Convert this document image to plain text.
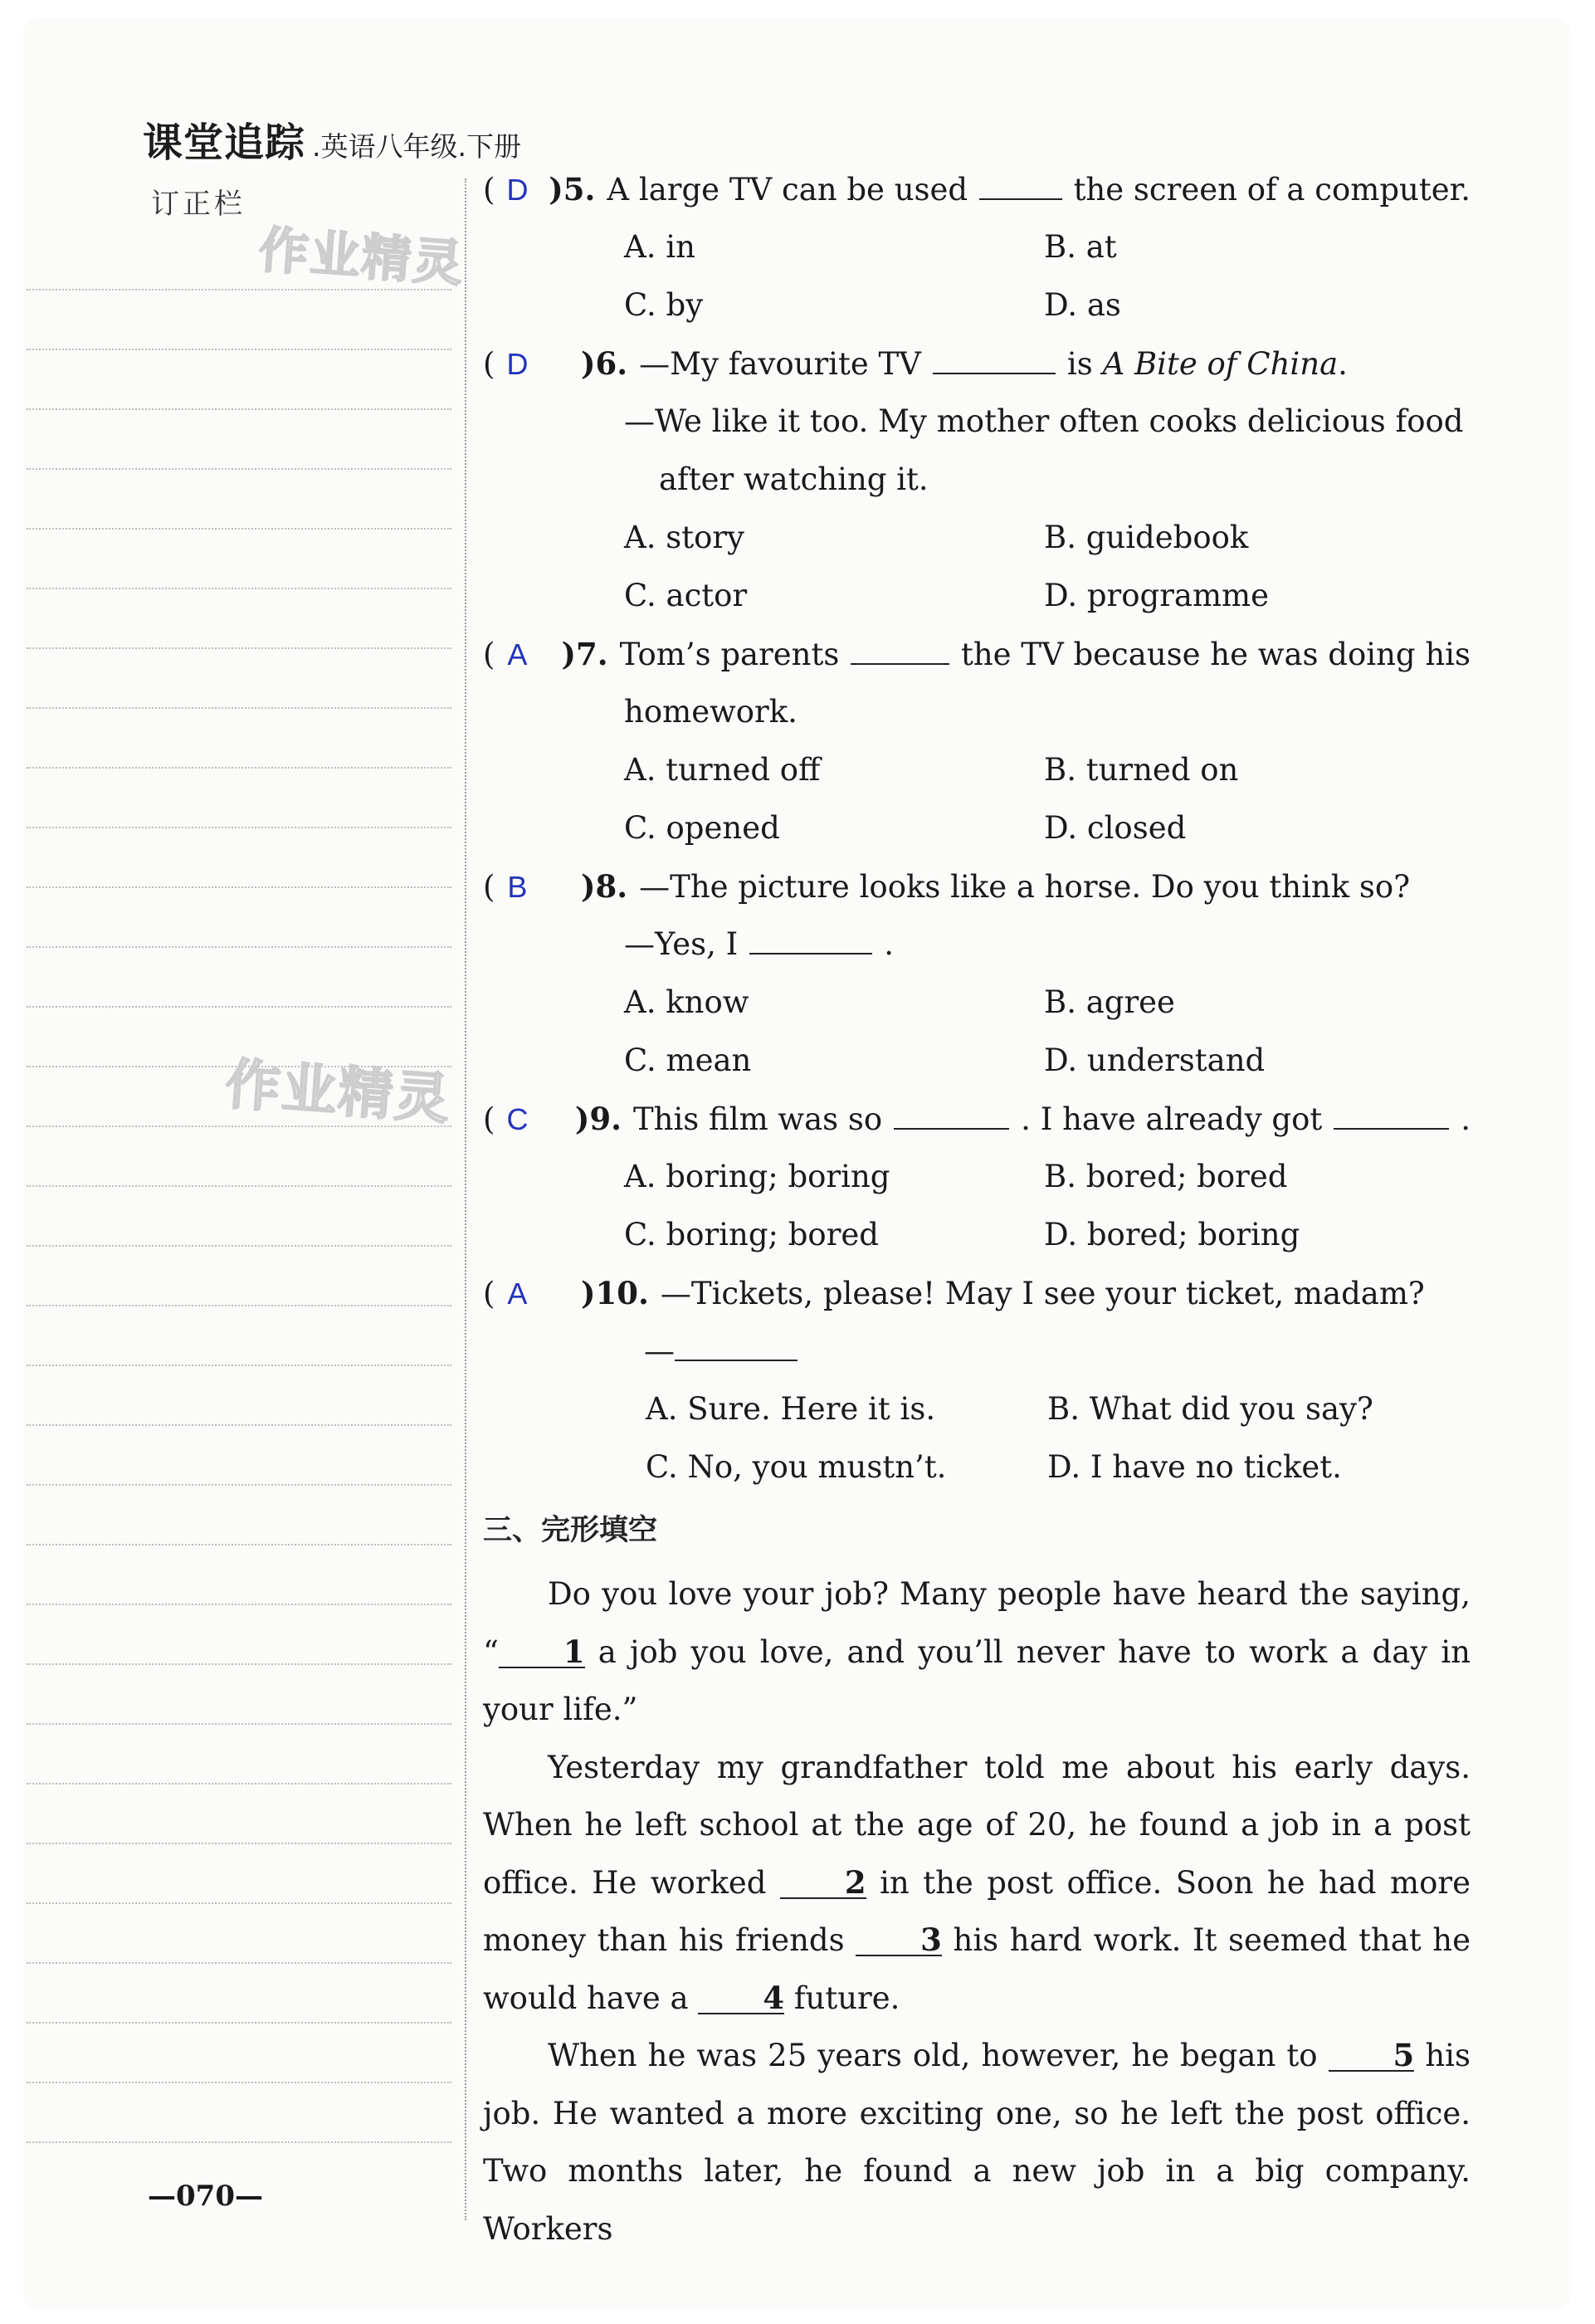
课堂追踪 .英语八年级.下册
订正栏
作业精灵
作业精灵
( D )5. A large TV can be used	the screen of a computer.
A. in	B. at
C. by	D. as
( D	)6. —My favourite TV	is
A Bite of China .
—We like it too. My mother often cooks delicious food
after watching it.
A. story	B. guidebook
C. actor	D. programme
( A	)7. Tom’s parents	the TV because he was doing his
homework.
A. turned off	B. turned on
C. opened	D. closed
( B	)8. —The picture looks like a horse. Do you think so?
—Yes, I	.
A. know	B. agree
C. mean	D. understand
( C	)9. This film was so	. I have already got	.
A. boring; boring	B. bored; bored
C. boring; bored	D. bored; boring
( A	)10. —Tickets, please! May I see your ticket, madam?
—
A. Sure. Here it is.	B. What did you say?
C. No, you mustn’t.	D. I have no ticket.
三、完形填空

Do you love your job? Many people have heard the saying, “ 1 a job you love, and you’ll never have to work a day in your life.”

Yesterday my grandfather told me about his early days. When he left school at the age of 20, he found a job in a post office. He worked 2 in the post office. Soon he had more money than his friends 3 his hard work. It seemed that he would have a 4 future.

When he was 25 years old, however, he began to 5 his job. He wanted a more exciting one, so he left the post office. Two months later, he found a new job in a big company. Workers

—070—
